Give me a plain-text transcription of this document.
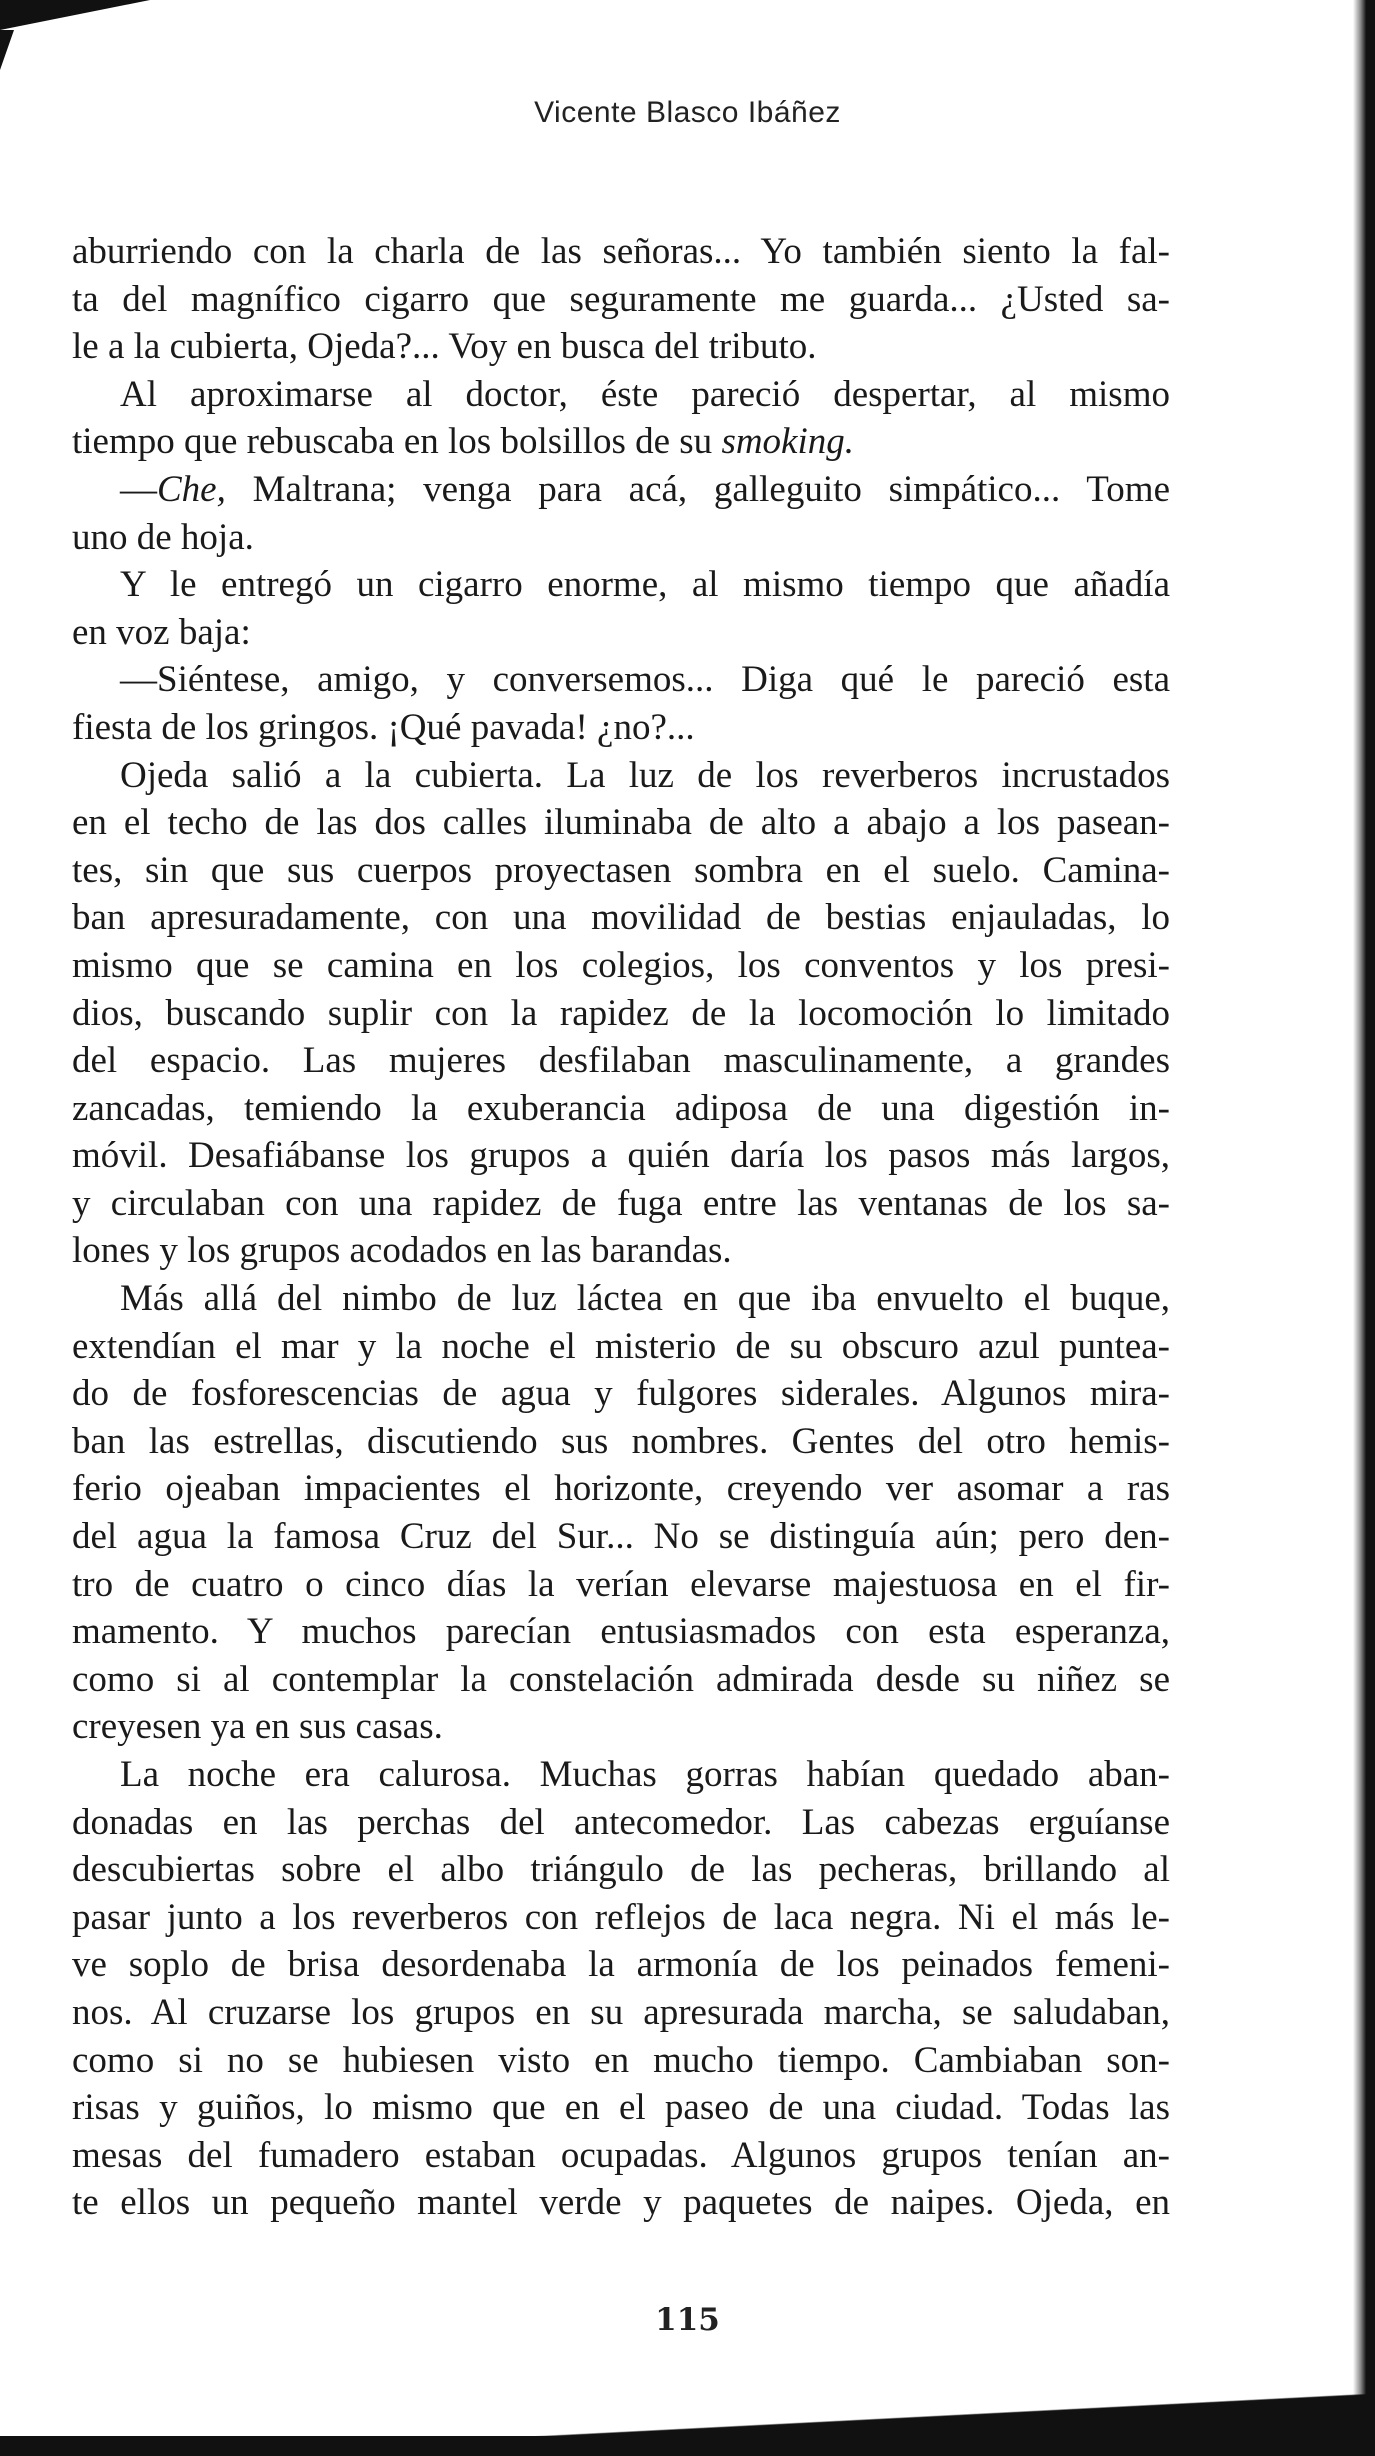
Vicente Blasco Ibáñez
aburriendo con la charla de las señoras... Yo también siento la fal-
ta del magnífico cigarro que seguramente me guarda... ¿Usted sa-
le a la cubierta, Ojeda?... Voy en busca del tributo.
Al aproximarse al doctor, éste pareció despertar, al mismo
tiempo que rebuscaba en los bolsillos de su smoking.
—Che, Maltrana; venga para acá, galleguito simpático... Tome
uno de hoja.
Y le entregó un cigarro enorme, al mismo tiempo que añadía
en voz baja:
—Siéntese, amigo, y conversemos... Diga qué le pareció esta
fiesta de los gringos. ¡Qué pavada! ¿no?...
Ojeda salió a la cubierta. La luz de los reverberos incrustados
en el techo de las dos calles iluminaba de alto a abajo a los pasean-
tes, sin que sus cuerpos proyectasen sombra en el suelo. Camina-
ban apresuradamente, con una movilidad de bestias enjauladas, lo
mismo que se camina en los colegios, los conventos y los presi-
dios, buscando suplir con la rapidez de la locomoción lo limitado
del espacio. Las mujeres desfilaban masculinamente, a grandes
zancadas, temiendo la exuberancia adiposa de una digestión in-
móvil. Desafiábanse los grupos a quién daría los pasos más largos,
y circulaban con una rapidez de fuga entre las ventanas de los sa-
lones y los grupos acodados en las barandas.
Más allá del nimbo de luz láctea en que iba envuelto el buque,
extendían el mar y la noche el misterio de su obscuro azul puntea-
do de fosforescencias de agua y fulgores siderales. Algunos mira-
ban las estrellas, discutiendo sus nombres. Gentes del otro hemis-
ferio ojeaban impacientes el horizonte, creyendo ver asomar a ras
del agua la famosa Cruz del Sur... No se distinguía aún; pero den-
tro de cuatro o cinco días la verían elevarse majestuosa en el fir-
mamento. Y muchos parecían entusiasmados con esta esperanza,
como si al contemplar la constelación admirada desde su niñez se
creyesen ya en sus casas.
La noche era calurosa. Muchas gorras habían quedado aban-
donadas en las perchas del antecomedor. Las cabezas erguíanse
descubiertas sobre el albo triángulo de las pecheras, brillando al
pasar junto a los reverberos con reflejos de laca negra. Ni el más le-
ve soplo de brisa desordenaba la armonía de los peinados femeni-
nos. Al cruzarse los grupos en su apresurada marcha, se saludaban,
como si no se hubiesen visto en mucho tiempo. Cambiaban son-
risas y guiños, lo mismo que en el paseo de una ciudad. Todas las
mesas del fumadero estaban ocupadas. Algunos grupos tenían an-
te ellos un pequeño mantel verde y paquetes de naipes. Ojeda, en
115
